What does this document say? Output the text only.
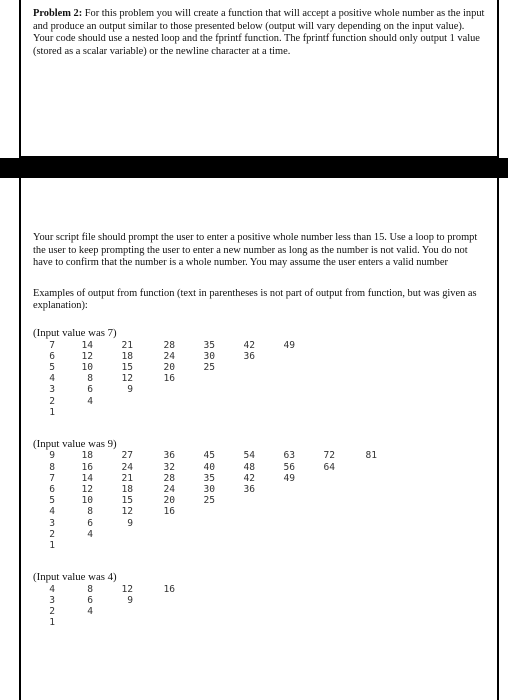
Problem 2: For this problem you will create a function that will accept a positive whole number as the input and produce an output similar to those presented below (output will vary depending on the input value). Your code should use a nested loop and the fprintf function. The fprintf function should only output 1 value (stored as a scalar variable) or the newline character at a time.

Your script file should prompt the user to enter a positive whole number less than 15. Use a loop to prompt the user to keep prompting the user to enter a new number as long as the number is not valid. You do not have to confirm that the number is a whole number. You may assume the user enters a valid number

Examples of output from function (text in parentheses is not part of output from function, but was given as explanation):

(Input value was 7)

7	14	21	28	35	42	49
6	12	18	24	30	36
5	10	15	20	25
4	8	12	16
3	6	9
2	4
1

(Input value was 9)

9	18	27	36	45	54	63	72	81
8	16	24	32	40	48	56	64
7	14	21	28	35	42	49
6	12	18	24	30	36
5	10	15	20	25
4	8	12	16
3	6	9
2	4
1

(Input value was 4)

4	8	12	16
3	6	9
2	4
1
